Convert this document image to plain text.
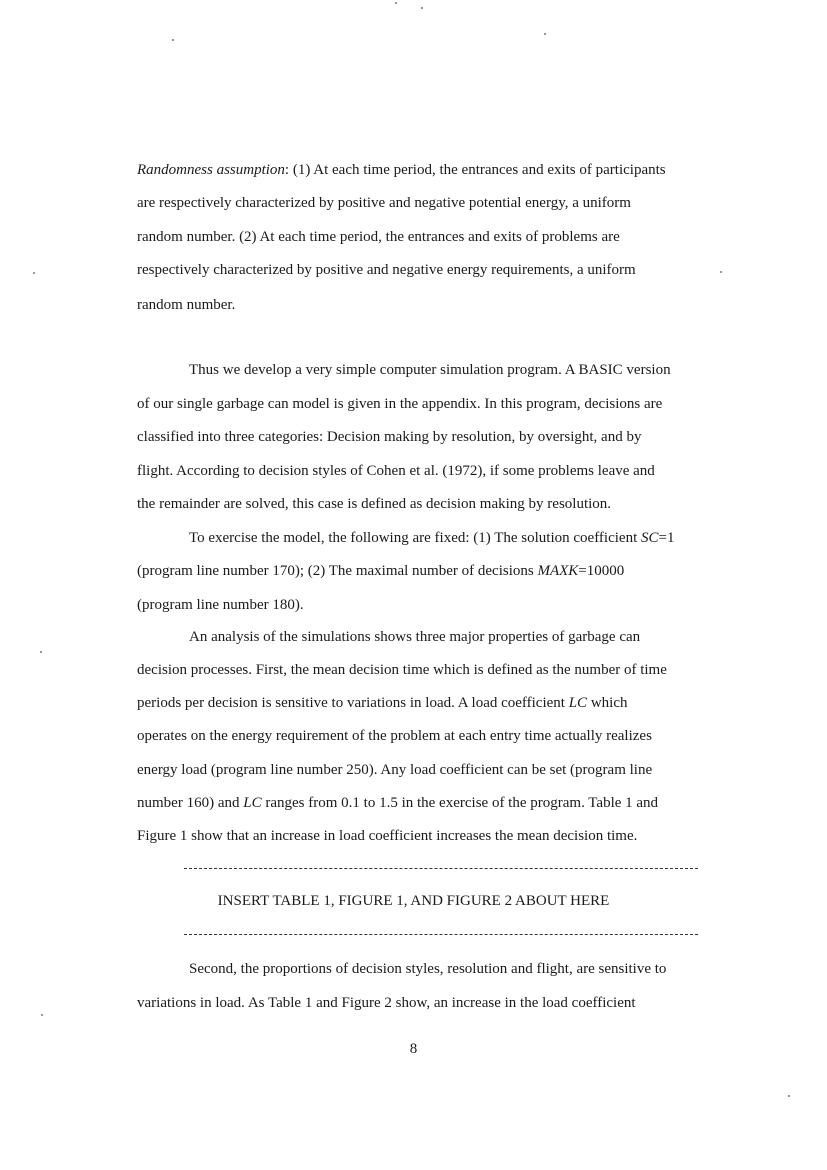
Randomness assumption: (1) At each time period, the entrances and exits of participants
are respectively characterized by positive and negative potential energy, a uniform
random number. (2) At each time period, the entrances and exits of problems are
respectively characterized by positive and negative energy requirements, a uniform
random number.
Thus we develop a very simple computer simulation program. A BASIC version
of our single garbage can model is given in the appendix. In this program, decisions are
classified into three categories: Decision making by resolution, by oversight, and by
flight. According to decision styles of Cohen et al. (1972), if some problems leave and
the remainder are solved, this case is defined as decision making by resolution.
To exercise the model, the following are fixed: (1) The solution coefficient SC=1
(program line number 170); (2) The maximal number of decisions MAXK=10000
(program line number 180).
An analysis of the simulations shows three major properties of garbage can
decision processes. First, the mean decision time which is defined as the number of time
periods per decision is sensitive to variations in load. A load coefficient LC which
operates on the energy requirement of the problem at each entry time actually realizes
energy load (program line number 250). Any load coefficient can be set (program line
number 160) and LC ranges from 0.1 to 1.5 in the exercise of the program. Table 1 and
Figure 1 show that an increase in load coefficient increases the mean decision time.
INSERT TABLE 1, FIGURE 1, AND FIGURE 2 ABOUT HERE
Second, the proportions of decision styles, resolution and flight, are sensitive to
variations in load. As Table 1 and Figure 2 show, an increase in the load coefficient
8
